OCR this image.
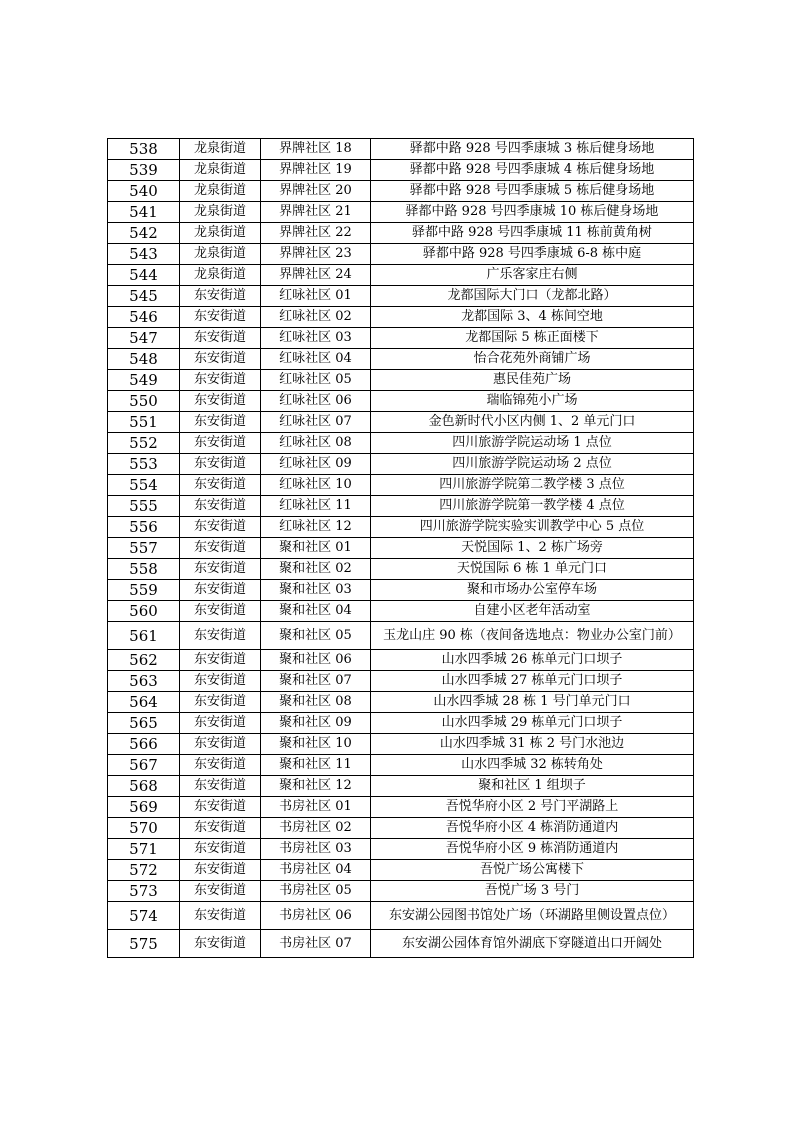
538	龙泉街道	界牌社区 18	驿都中路 928 号四季康城 3 栋后健身场地
539	龙泉街道	界牌社区 19	驿都中路 928 号四季康城 4 栋后健身场地
540	龙泉街道	界牌社区 20	驿都中路 928 号四季康城 5 栋后健身场地
541	龙泉街道	界牌社区 21	驿都中路 928 号四季康城 10 栋后健身场地
542	龙泉街道	界牌社区 22	驿都中路 928 号四季康城 11 栋前黄角树
543	龙泉街道	界牌社区 23	驿都中路 928 号四季康城 6-8 栋中庭
544	龙泉街道	界牌社区 24	广乐客家庄右侧
545	东安街道	红咏社区 01	龙都国际大门口（龙都北路）
546	东安街道	红咏社区 02	龙都国际 3、4 栋间空地
547	东安街道	红咏社区 03	龙都国际 5 栋正面楼下
548	东安街道	红咏社区 04	怡合花苑外商铺广场
549	东安街道	红咏社区 05	惠民佳苑广场
550	东安街道	红咏社区 06	瑞临锦苑小广场
551	东安街道	红咏社区 07	金色新时代小区内侧 1、2 单元门口
552	东安街道	红咏社区 08	四川旅游学院运动场 1 点位
553	东安街道	红咏社区 09	四川旅游学院运动场 2 点位
554	东安街道	红咏社区 10	四川旅游学院第二教学楼 3 点位
555	东安街道	红咏社区 11	四川旅游学院第一教学楼 4 点位
556	东安街道	红咏社区 12	四川旅游学院实验实训教学中心 5 点位
557	东安街道	聚和社区 01	天悦国际 1、2 栋广场旁
558	东安街道	聚和社区 02	天悦国际 6 栋 1 单元门口
559	东安街道	聚和社区 03	聚和市场办公室停车场
560	东安街道	聚和社区 04	自建小区老年活动室
561	东安街道	聚和社区 05	玉龙山庄 90 栋（夜间备选地点：物业办公室门前）
562	东安街道	聚和社区 06	山水四季城 26 栋单元门口坝子
563	东安街道	聚和社区 07	山水四季城 27 栋单元门口坝子
564	东安街道	聚和社区 08	山水四季城 28 栋 1 号门单元门口
565	东安街道	聚和社区 09	山水四季城 29 栋单元门口坝子
566	东安街道	聚和社区 10	山水四季城 31 栋 2 号门水池边
567	东安街道	聚和社区 11	山水四季城 32 栋转角处
568	东安街道	聚和社区 12	聚和社区 1 组坝子
569	东安街道	书房社区 01	吾悦华府小区 2 号门平湖路上
570	东安街道	书房社区 02	吾悦华府小区 4 栋消防通道内
571	东安街道	书房社区 03	吾悦华府小区 9 栋消防通道内
572	东安街道	书房社区 04	吾悦广场公寓楼下
573	东安街道	书房社区 05	吾悦广场 3 号门
574	东安街道	书房社区 06	东安湖公园图书馆处广场（环湖路里侧设置点位）
575	东安街道	书房社区 07	东安湖公园体育馆外湖底下穿隧道出口开阔处
